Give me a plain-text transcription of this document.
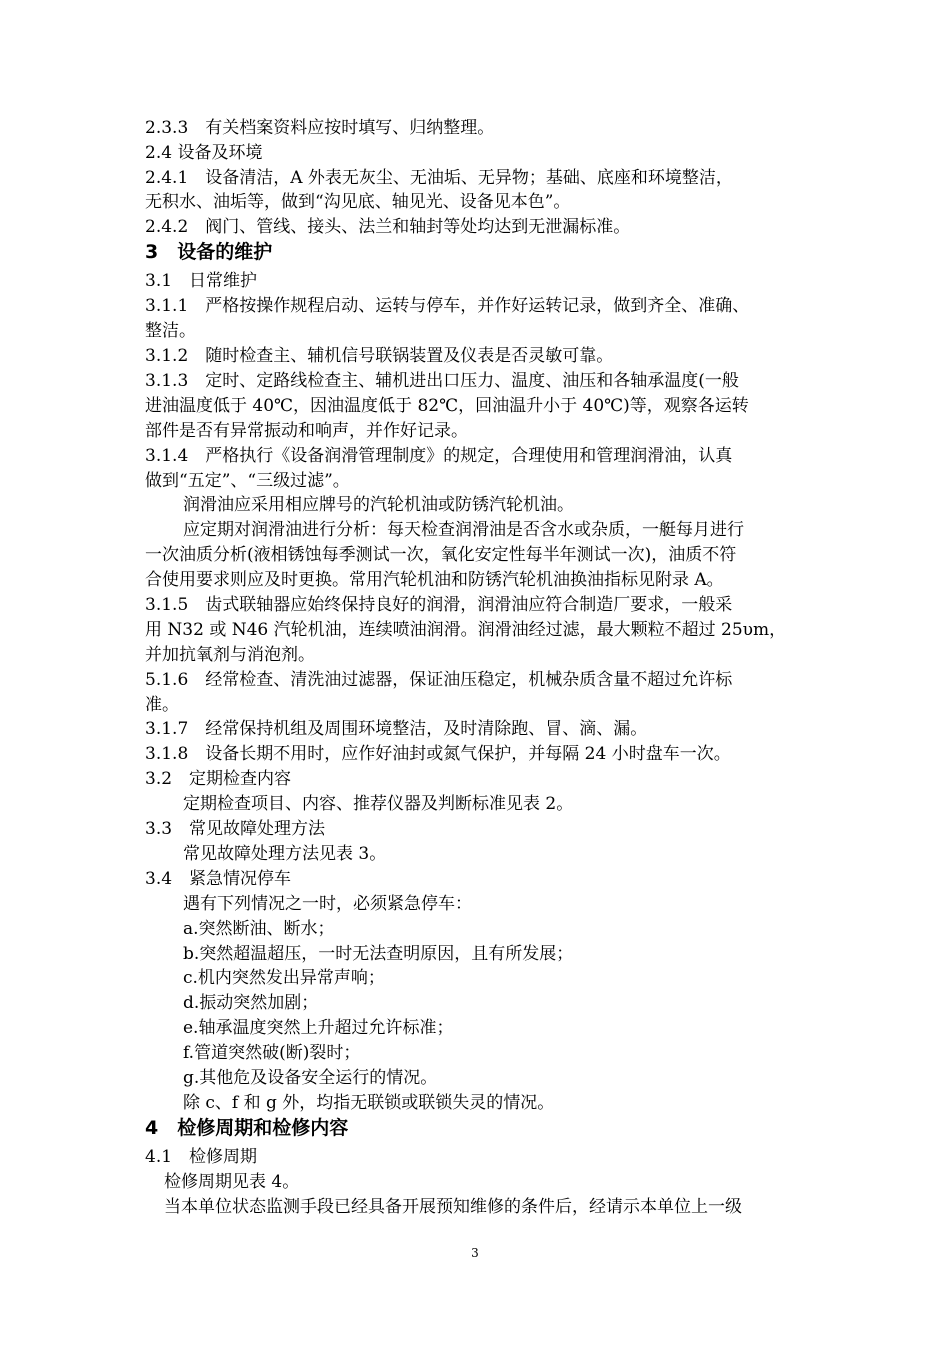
2.3.3　有关档案资料应按时填写、归纳整理。
2.4 设备及环境
2.4.1　设备清洁，A 外表无灰尘、无油垢、无异物；基础、底座和环境整洁，
无积水、油垢等，做到“沟见底、轴见光、设备见本色”。
2.4.2　阀门、管线、接头、法兰和轴封等处均达到无泄漏标准。
3　设备的维护
3.1　日常维护
3.1.1　严格按操作规程启动、运转与停车，并作好运转记录，做到齐全、准确、
整洁。
3.1.2　随时检查主、辅机信号联锅装置及仪表是否灵敏可靠。
3.1.3　定时、定路线检查主、辅机进出口压力、温度、油压和各轴承温度(一般
进油温度低于 40℃，因油温度低于 82℃，回油温升小于 40℃)等，观察各运转
部件是否有异常振动和响声，并作好记录。
3.1.4　严格执行《设备润滑管理制度》的规定，合理使用和管理润滑油，认真
做到“五定”、“三级过滤”。
润滑油应采用相应牌号的汽轮机油或防锈汽轮机油。
应定期对润滑油进行分析：每天检查润滑油是否含水或杂质，一艇每月进行
一次油质分析(液相锈蚀每季测试一次，氧化安定性每半年测试一次)，油质不符
合使用要求则应及时更换。常用汽轮机油和防锈汽轮机油换油指标见附录 A。
3.1.5　齿式联轴器应始终保持良好的润滑，润滑油应符合制造厂要求，一般采
用 N32 或 N46 汽轮机油，连续喷油润滑。润滑油经过滤，最大颗粒不超过 25υm，
并加抗氧剂与消泡剂。
5.1.6　经常检查、清洗油过滤器，保证油压稳定，机械杂质含量不超过允许标
准。
3.1.7　经常保持机组及周围环境整洁，及时清除跑、冒、滴、漏。
3.1.8　设备长期不用时，应作好油封或氮气保护，并每隔 24 小时盘车一次。
3.2　定期检查内容
定期检查项目、内容、推荐仪器及判断标准见表 2。
3.3　常见故障处理方法
常见故障处理方法见表 3。
3.4　紧急情况停车
遇有下列情况之一时，必须紧急停车：
a.突然断油、断水；
b.突然超温超压，一时无法查明原因，且有所发展；
c.机内突然发出异常声响；
d.振动突然加剧；
e.轴承温度突然上升超过允许标准；
f.管道突然破(断)裂时；
g.其他危及设备安全运行的情况。
除 c、f 和 g 外，均指无联锁或联锁失灵的情况。
4　检修周期和检修内容
4.1　检修周期
检修周期见表 4。
当本单位状态监测手段已经具备开展预知维修的条件后，经请示本单位上一级
3
